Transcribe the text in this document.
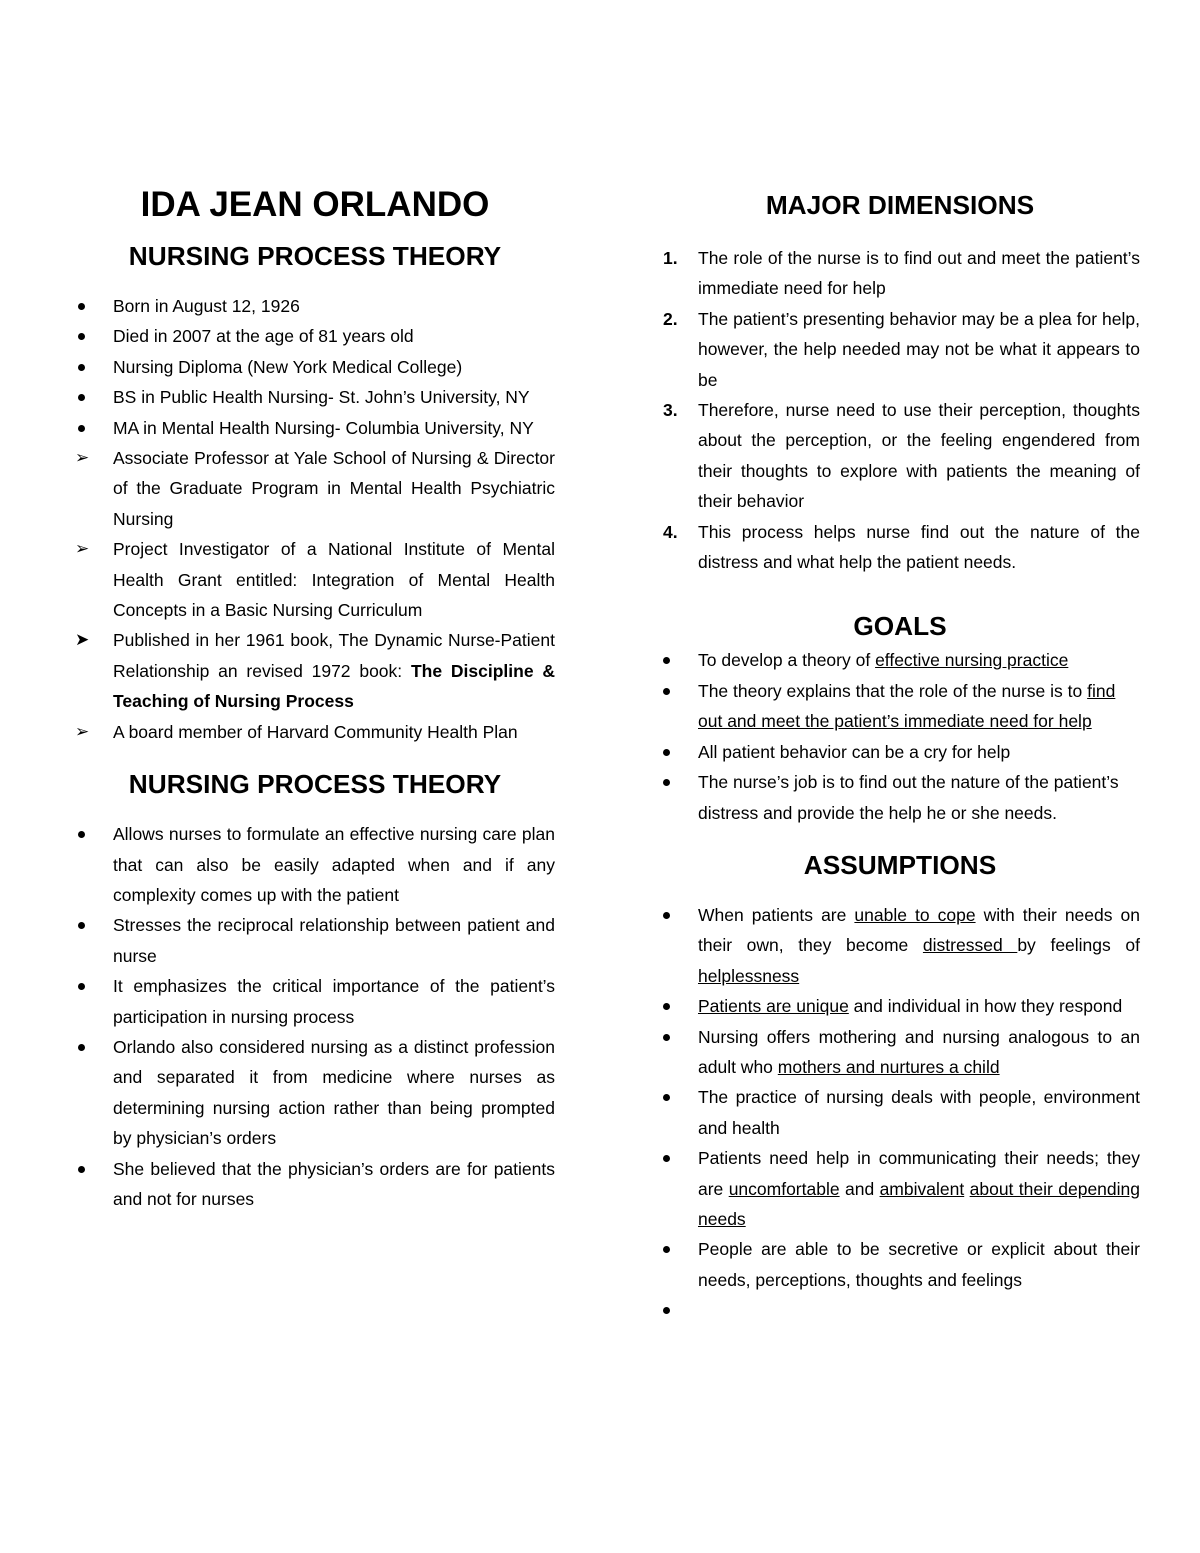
IDA JEAN ORLANDO
NURSING PROCESS THEORY
Born in August 12, 1926
Died in 2007 at the age of 81 years old
Nursing Diploma (New York Medical College)
BS in Public Health Nursing- St. John’s University, NY
MA in Mental Health Nursing- Columbia University, NY
➢	Associate Professor at Yale School of Nursing & Director of the Graduate Program in Mental Health Psychiatric Nursing
➢	Project Investigator of a National Institute of Mental Health Grant entitled: Integration of Mental Health Concepts in a Basic Nursing Curriculum
➤	Published in her 1961 book, The Dynamic Nurse-Patient Relationship an revised 1972 book: The Discipline & Teaching of Nursing Process
➢	A board member of Harvard Community Health Plan
NURSING PROCESS THEORY
Allows nurses to formulate an effective nursing care plan that can also be easily adapted when and if any complexity comes up with the patient
Stresses the reciprocal relationship between patient and nurse
It emphasizes the critical importance of the patient’s participation in nursing process
Orlando also considered nursing as a distinct profession and separated it from medicine where nurses as determining nursing action rather than being prompted by physician’s orders
She believed that the physician’s orders are for patients and not for nurses
MAJOR DIMENSIONS
1.	The role of the nurse is to find out and meet the patient’s immediate need for help
2.	The patient’s presenting behavior may be a plea for help, however, the help needed may not be what it appears to be
3.	Therefore, nurse need to use their perception, thoughts about the perception, or the feeling engendered from their thoughts to explore with patients the meaning of their behavior
4.	This process helps nurse find out the nature of the distress and what help the patient needs.
GOALS
To develop a theory of effective nursing practice
The theory explains that the role of the nurse is to find out and meet the patient’s immediate need for help
All patient behavior can be a cry for help
The nurse’s job is to find out the nature of the patient’s distress and provide the help he or she needs.
ASSUMPTIONS
When patients are unable to cope with their needs on their own, they become distressed by feelings of helplessness
Patients are unique and individual in how they respond
Nursing offers mothering and nursing analogous to an adult who mothers and nurtures a child
The practice of nursing deals with people, environment and health
Patients need help in communicating their needs; they are uncomfortable and ambivalent about their depending needs
People are able to be secretive or explicit about their needs, perceptions, thoughts and feelings
